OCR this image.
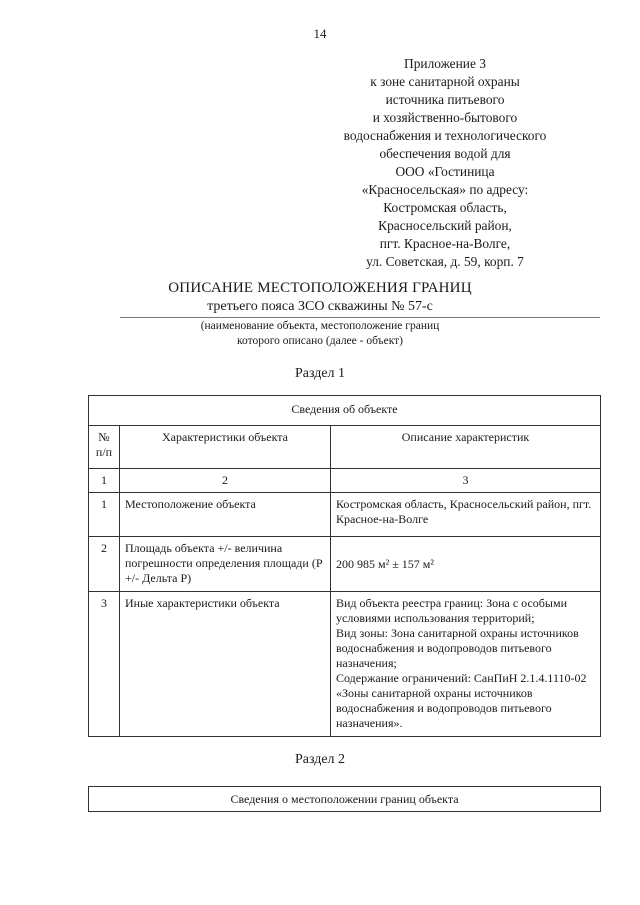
14
Приложение 3
к зоне санитарной охраны
источника питьевого
и хозяйственно-бытового
водоснабжения и технологического
обеспечения водой для
ООО «Гостиница
«Красносельская» по адресу:
Костромская область,
Красносельский район,
пгт. Красное-на-Волге,
ул. Советская, д. 59, корп. 7
ОПИСАНИЕ МЕСТОПОЛОЖЕНИЯ ГРАНИЦ
третьего пояса ЗСО скважины № 57-с
(наименование объекта, местоположение границ
которого описано (далее - объект)
Раздел 1
Сведения об объекте		
№ п/п	Характеристики объекта	Описание характеристик
1	2	3
1	Местоположение объекта	Костромская область, Красносельский район, пгт. Красное-на-Волге

2	Площадь объекта +/- величина погрешности определения площади (Р +/- Дельта Р)	200 985 м² ± 157 м²

3	Иные характеристики объекта	Вид объекта реестра границ: Зона с особыми условиями использования территорий;
Вид зоны: Зона санитарной охраны источников водоснабжения и водопроводов питьевого назначения;
Содержание ограничений: СанПиН 2.1.4.1110-02 «Зоны санитарной охраны источников водоснабжения и водопроводов питьевого назначения».
Раздел 2
Сведения о местоположении границ объекта
